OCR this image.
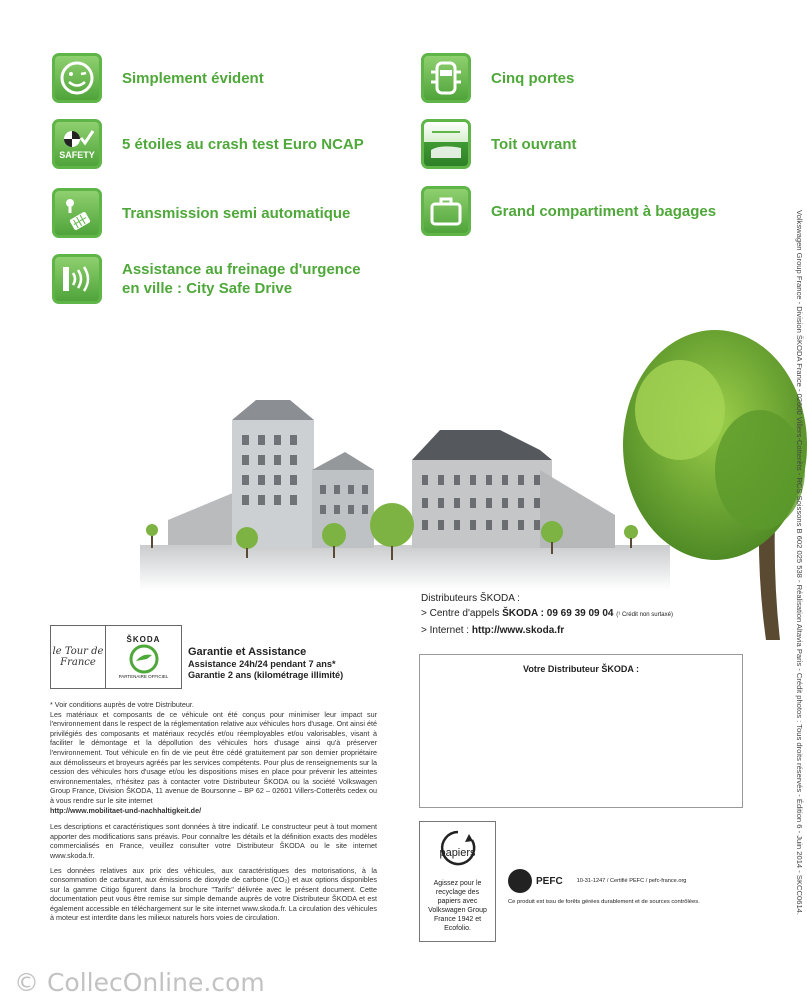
Simplement évident
SAFETY
5 étoiles au crash test Euro NCAP
Transmission semi automatique
Assistance au freinage d'urgence en ville : City Safe Drive
Cinq portes
Toit ouvrant
Grand compartiment à bagages
Distributeurs ŠKODA :
> Centre d'appels ŠKODA : 09 69 39 09 04 (¹ Crédit non surtaxé)
> Internet : http://www.skoda.fr
Votre Distributeur ŠKODA :
le Tour de France
ŠKODA
PARTENAIRE OFFICIEL
Garantie et Assistance
Assistance 24h/24 pendant 7 ans*
Garantie 2 ans (kilométrage illimité)
* Voir conditions auprès de votre Distributeur.
Les matériaux et composants de ce véhicule ont été conçus pour minimiser leur impact sur l'environnement dans le respect de la réglementation relative aux véhicules hors d'usage. Ont ainsi été privilégiés des composants et matériaux recyclés et/ou réemployables et/ou valorisables, visant à faciliter le démontage et la dépollution des véhicules hors d'usage ainsi qu'à préserver l'environnement. Tout véhicule en fin de vie peut être cédé gratuitement par son dernier propriétaire aux démolisseurs et broyeurs agréés par les services compétents. Pour plus de renseignements sur la cession des véhicules hors d'usage et/ou les dispositions mises en place pour prévenir les atteintes environnementales, n'hésitez pas à contacter votre Distributeur ŠKODA ou la société Volkswagen Group France, Division ŠKODA, 11 avenue de Boursonne – BP 62 – 02601 Villers-Cotterêts cedex ou à vous rendre sur le site internet
http://www.mobilitaet-und-nachhaltigkeit.de/
Les descriptions et caractéristiques sont données à titre indicatif. Le constructeur peut à tout moment apporter des modifications sans préavis. Pour connaître les détails et la définition exacts des modèles commercialisés en France, veuillez consulter votre Distributeur ŠKODA ou le site internet www.skoda.fr.
Les données relatives aux prix des véhicules, aux caractéristiques des motorisations, à la consommation de carburant, aux émissions de dioxyde de carbone (CO₂) et aux options disponibles sur la gamme Citigo figurent dans la brochure "Tarifs" délivrée avec le présent document. Cette documentation peut vous être remise sur simple demande auprès de votre Distributeur ŠKODA et est également accessible en téléchargement sur le site internet www.skoda.fr. La circulation des véhicules à moteur est interdite dans les milieux naturels hors voies de circulation.
papiers
Agissez pour le recyclage des papiers avec Volkswagen Group France 1942 et Ecofolio.
PEFC	10-31-1247 / Certifié PEFC / pefc-france.org
Ce produit est issu de forêts gérées durablement et de sources contrôlées.	Volkswagen Group France - Division ŠKODA France - 02600 Villers-Cotterêts - RCS Soissons B 602 025 538 - Réalisation Altavia Paris - Crédit photos : Tous droits réservés - Édition 6 - Juin 2014 - SKCC0614.
© CollecOnline.com
